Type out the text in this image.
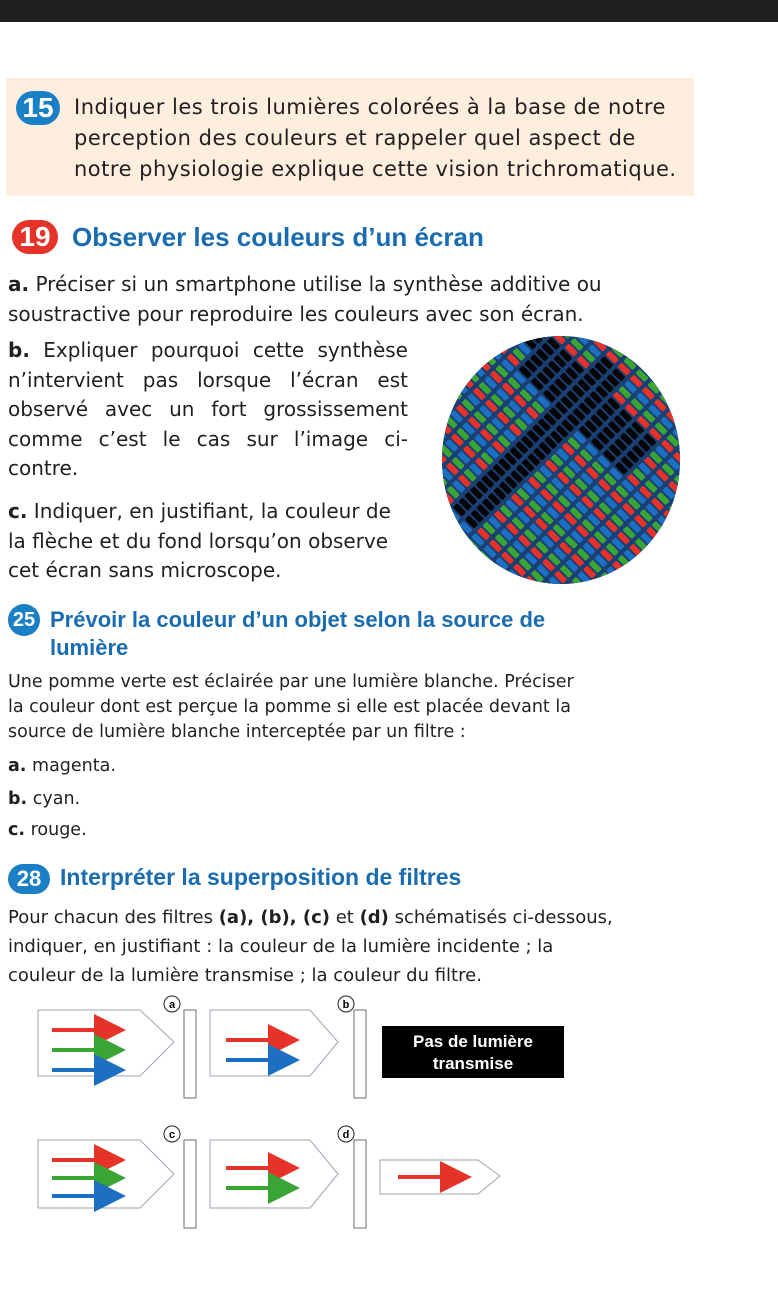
15 Indiquer les trois lumières colorées à la base de notre perception des couleurs et rappeler quel aspect de notre physiologie explique cette vision trichromatique.
19 Observer les couleurs d’un écran
a. Préciser si un smartphone utilise la synthèse additive ou soustractive pour reproduire les couleurs avec son écran.
b. Expliquer pourquoi cette synthèse n’intervient pas lorsque l’écran est observé avec un fort grossissement comme c’est le cas sur l’image ci-contre.
c. Indiquer, en justifiant, la couleur de la flèche et du fond lorsqu’on observe cet écran sans microscope.
25 Prévoir la couleur d’un objet selon la source de lumière
Une pomme verte est éclairée par une lumière blanche. Préciser la couleur dont est perçue la pomme si elle est placée devant la source de lumière blanche interceptée par un filtre :
a. magenta.
b. cyan.
c. rouge.
28 Interpréter la superposition de filtres
Pour chacun des filtres (a), (b), (c) et (d) schématisés ci-dessous, indiquer, en justifiant : la couleur de la lumière incidente ; la couleur de la lumière transmise ; la couleur du filtre.
a	b
c	d
Pas de lumière
transmise
